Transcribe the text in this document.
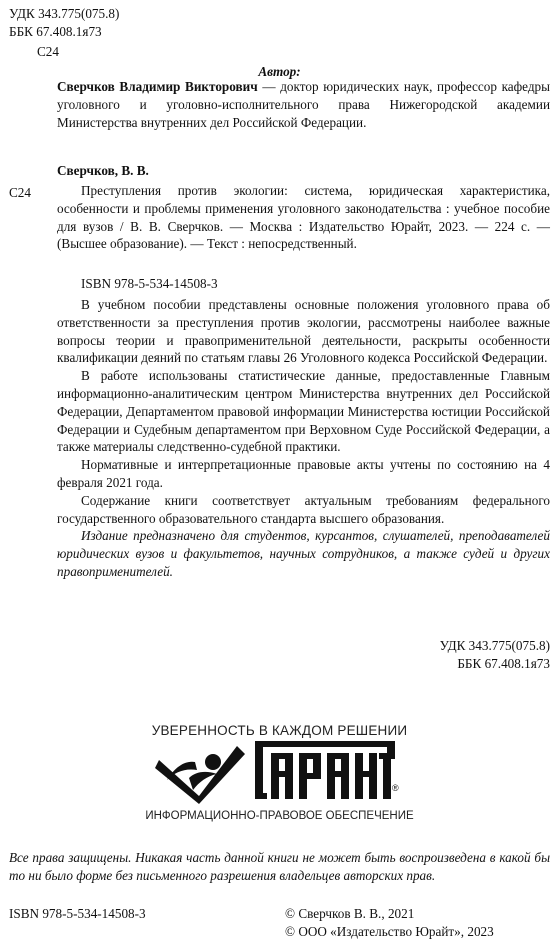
УДК 343.775(075.8)
ББК 67.408.1я73
С24
Автор:
Сверчков Владимир Викторович — доктор юридических наук, профессор кафедры уголовного и уголовно-исполнительного права Нижегородской академии Министерства внутренних дел Российской Федерации.
Сверчков, В. В.
С24	Преступления против экологии: система, юридическая характеристика, особенности и проблемы применения уголовного законодательства : учебное пособие для вузов / В. В. Сверчков. — Москва : Издательство Юрайт, 2023. — 224 с. — (Высшее образование). — Текст : непосредственный.
ISBN 978-5-534-14508-3

В учебном пособии представлены основные положения уголовного права об ответственности за преступления против экологии, рассмотрены наиболее важные вопросы теории и правоприменительной деятельности, раскрыты особенности квалификации деяний по статьям главы 26 Уголовного кодекса Российской Федерации.

В работе использованы статистические данные, предоставленные Главным информационно-аналитическим центром Министерства внутренних дел Российской Федерации, Департаментом правовой информации Министерства юстиции Российской Федерации и Судебным департаментом при Верховном Суде Российской Федерации, а также материалы следственно-судебной практики.

Нормативные и интерпретационные правовые акты учтены по состоянию на 4 февраля 2021 года.

Содержание книги соответствует актуальным требованиям федерального государственного образовательного стандарта высшего образования.

Издание предназначено для студентов, курсантов, слушателей, преподавателей юридических вузов и факультетов, научных сотрудников, а также судей и других правоприменителей.

УДК 343.775(075.8)
ББК 67.408.1я73
УВЕРЕННОСТЬ В КАЖДОМ РЕШЕНИИ
®
ИНФОРМАЦИОННО-ПРАВОВОЕ ОБЕСПЕЧЕНИЕ
Все права защищены. Никакая часть данной книги не может быть воспроизведена в какой бы то ни было форме без письменного разрешения владельцев авторских прав.
ISBN 978-5-534-14508-3	© Сверчков В. В., 2021
© ООО «Издательство Юрайт», 2023
